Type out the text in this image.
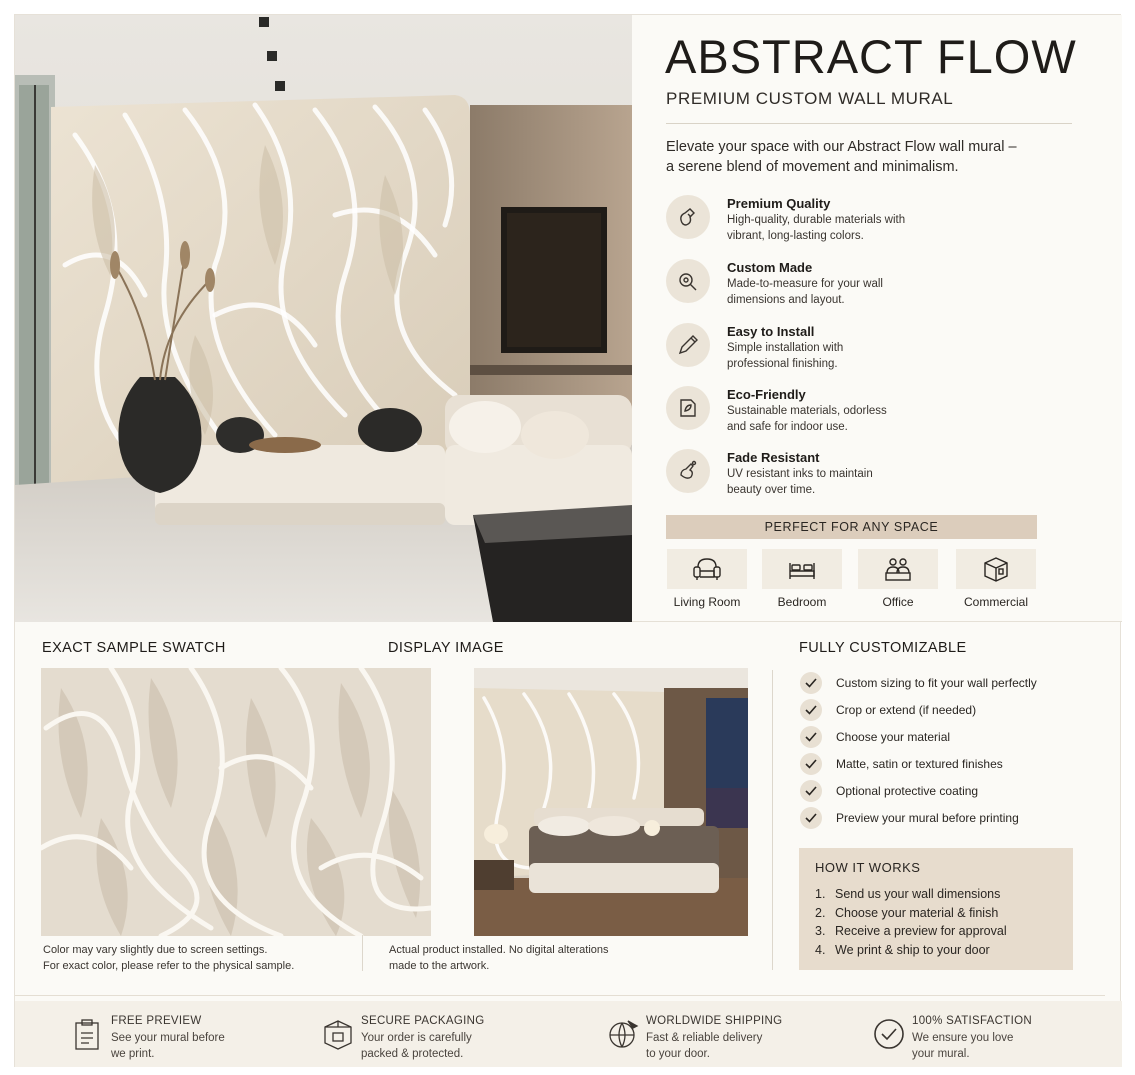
ABSTRACT FLOW
PREMIUM CUSTOM WALL MURAL
Elevate your space with our Abstract Flow wall mural –
a serene blend of movement and minimalism.
Premium Quality
High-quality, durable materials with
vibrant, long-lasting colors.
Custom Made
Made-to-measure for your wall
dimensions and layout.
Easy to Install
Simple installation with
professional finishing.
Eco-Friendly
Sustainable materials, odorless
and safe for indoor use.
Fade Resistant
UV resistant inks to maintain
beauty over time.
PERFECT FOR ANY SPACE
Living Room	Bedroom	Office	Commercial
EXACT SAMPLE SWATCH	DISPLAY IMAGE	FULLY CUSTOMIZABLE
Color may vary slightly due to screen settings.
For exact color, please refer to the physical sample.
Actual product installed. No digital alterations
made to the artwork.
Custom sizing to fit your wall perfectly
Crop or extend (if needed)
Choose your material
Matte, satin or textured finishes
Optional protective coating
Preview your mural before printing
HOW IT WORKS
1. Send us your wall dimensions
2. Choose your material & finish
3. Receive a preview for approval
4. We print & ship to your door
FREE PREVIEW
See your mural before
we print.
SECURE PACKAGING
Your order is carefully
packed & protected.
WORLDWIDE SHIPPING
Fast & reliable delivery
to your door.
100% SATISFACTION
We ensure you love
your mural.
